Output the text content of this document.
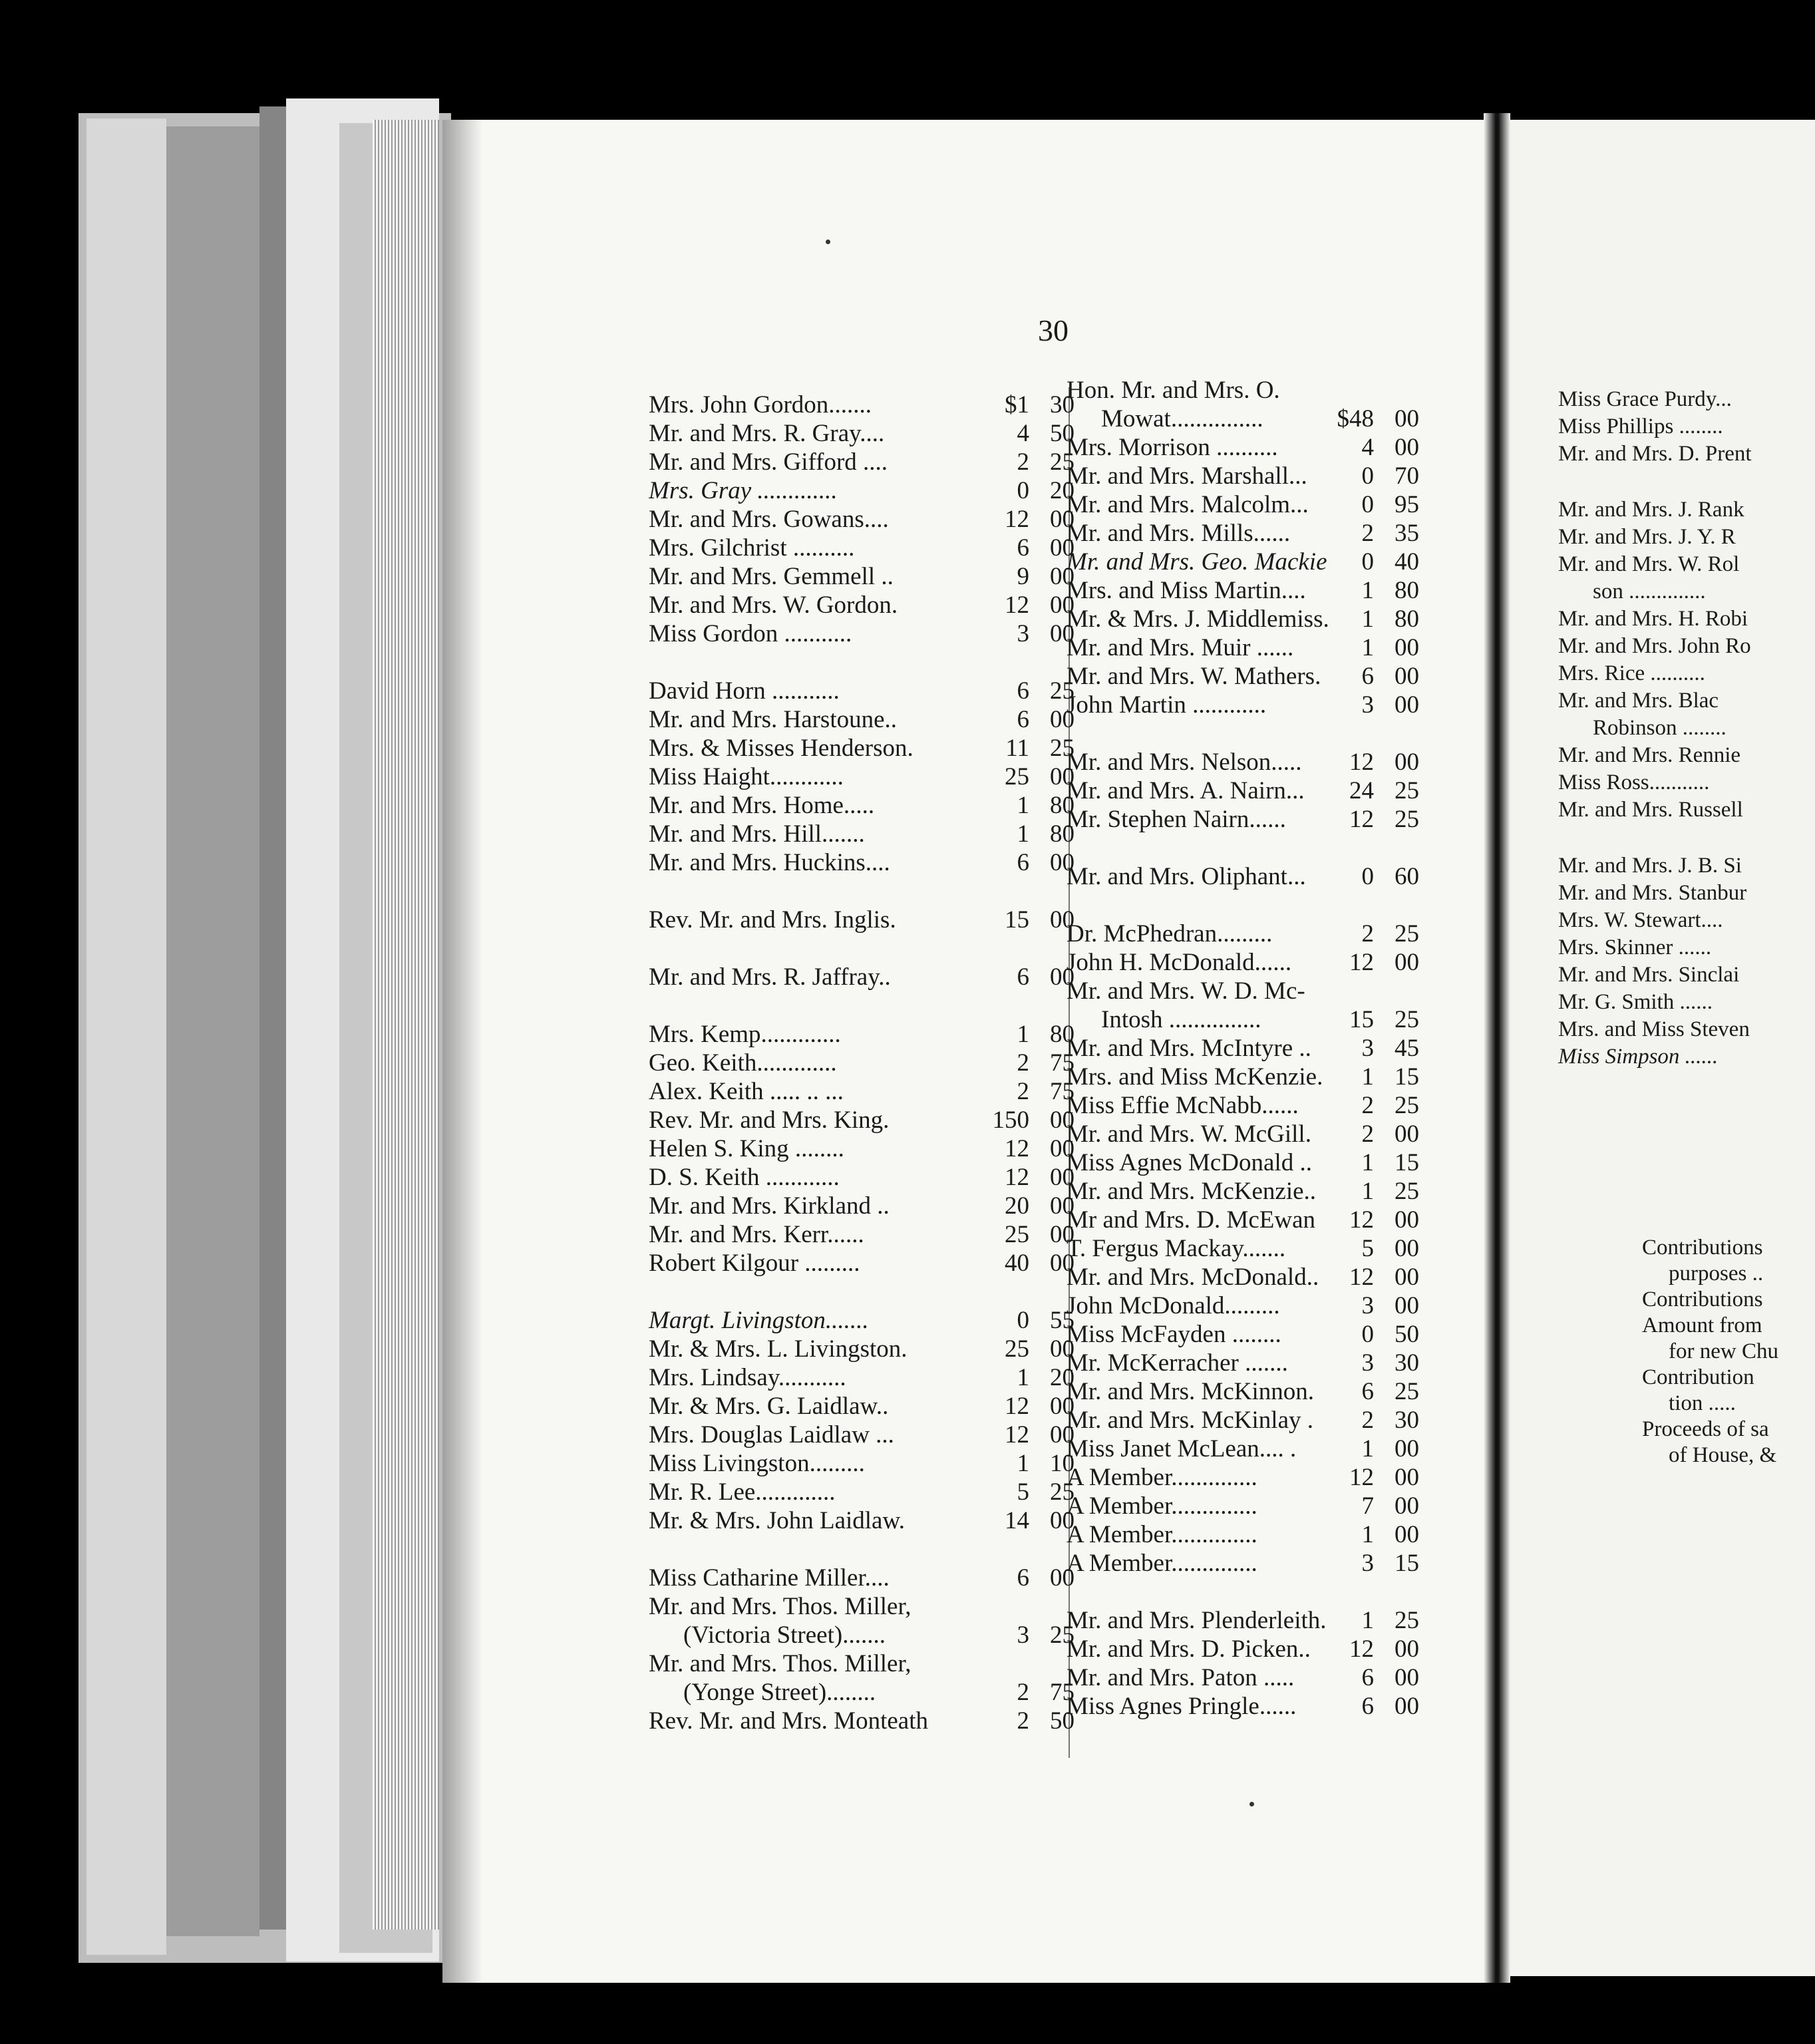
30
Mrs. John Gordon.......	$1 30
Mr. and Mrs. R. Gray....	4 50
Mr. and Mrs. Gifford ....	2 25
Mrs. Gray .............	0 20
Mr. and Mrs. Gowans....	12 00
Mrs. Gilchrist ..........	6 00
Mr. and Mrs. Gemmell ..	9 00
Mr. and Mrs. W. Gordon.	12 00
Miss Gordon ...........	3 00
David Horn ...........	6 25
Mr. and Mrs. Harstoune..	6 00
Mrs. & Misses Henderson.	11 25
Miss Haight............	25 00
Mr. and Mrs. Home.....	1 80
Mr. and Mrs. Hill.......	1 80
Mr. and Mrs. Huckins....	6 00
Rev. Mr. and Mrs. Inglis.	15 00
Mr. and Mrs. R. Jaffray..	6 00
Mrs. Kemp.............	1 80
Geo. Keith.............	2 75
Alex. Keith ..... .. ...	2 75
Rev. Mr. and Mrs. King.	150 00
Helen S. King ........	12 00
D. S. Keith ............	12 00
Mr. and Mrs. Kirkland ..	20 00
Mr. and Mrs. Kerr......	25 00
Robert Kilgour .........	40 00
Margt. Livingston.......	0 55
Mr. & Mrs. L. Livingston.	25 00
Mrs. Lindsay...........	1 20
Mr. & Mrs. G. Laidlaw..	12 00
Mrs. Douglas Laidlaw ...	12 00
Miss Livingston.........	1 10
Mr. R. Lee.............	5 25
Mr. & Mrs. John Laidlaw.	14 00
Miss Catharine Miller....	6 00
Mr. and Mrs. Thos. Miller,
(Victoria Street).......	3 25
Mr. and Mrs. Thos. Miller,
(Yonge Street)........	2 75
Rev. Mr. and Mrs. Monteath	2 50
Hon. Mr. and Mrs. O.
Mowat...............	$48 00
Mrs. Morrison ..........	4 00
Mr. and Mrs. Marshall...	0 70
Mr. and Mrs. Malcolm...	0 95
Mr. and Mrs. Mills......	2 35
Mr. and Mrs. Geo. Mackie	0 40
Mrs. and Miss Martin....	1 80
Mr. & Mrs. J. Middlemiss.	1 80
Mr. and Mrs. Muir ......	1 00
Mr. and Mrs. W. Mathers.	6 00
John Martin ............	3 00
Mr. and Mrs. Nelson.....	12 00
Mr. and Mrs. A. Nairn...	24 25
Mr. Stephen Nairn......	12 25
Mr. and Mrs. Oliphant...	0 60
Dr. McPhedran.........	2 25
John H. McDonald......	12 00
Mr. and Mrs. W. D. Mc-
Intosh ...............	15 25
Mr. and Mrs. McIntyre ..	3 45
Mrs. and Miss McKenzie.	1 15
Miss Effie McNabb......	2 25
Mr. and Mrs. W. McGill.	2 00
Miss Agnes McDonald ..	1 15
Mr. and Mrs. McKenzie..	1 25
Mr and Mrs. D. McEwan	12 00
T. Fergus Mackay.......	5 00
Mr. and Mrs. McDonald..	12 00
John McDonald.........	3 00
Miss McFayden ........	0 50
Mr. McKerracher .......	3 30
Mr. and Mrs. McKinnon.	6 25
Mr. and Mrs. McKinlay .	2 30
Miss Janet McLean.... .	1 00
A Member..............	12 00
A Member..............	7 00
A Member..............	1 00
A Member..............	3 15
Mr. and Mrs. Plenderleith.	1 25
Mr. and Mrs. D. Picken..	12 00
Mr. and Mrs. Paton .....	6 00
Miss Agnes Pringle......	6 00
Miss Grace Purdy...
Miss Phillips ........
Mr. and Mrs. D. Prent
Mr. and Mrs. J. Rank
Mr. and Mrs. J. Y. R
Mr. and Mrs. W. Rol
son ..............
Mr. and Mrs. H. Robi
Mr. and Mrs. John Ro
Mrs. Rice ..........
Mr. and Mrs. Blac
Robinson ........
Mr. and Mrs. Rennie
Miss Ross...........
Mr. and Mrs. Russell
Mr. and Mrs. J. B. Si
Mr. and Mrs. Stanbur
Mrs. W. Stewart....
Mrs. Skinner ......
Mr. and Mrs. Sinclai
Mr. G. Smith ......
Mrs. and Miss Steven
Miss Simpson ......
Contributions
purposes ..
Contributions
Amount from
for new Chu
Contribution
tion .....
Proceeds of sa
of House, &
